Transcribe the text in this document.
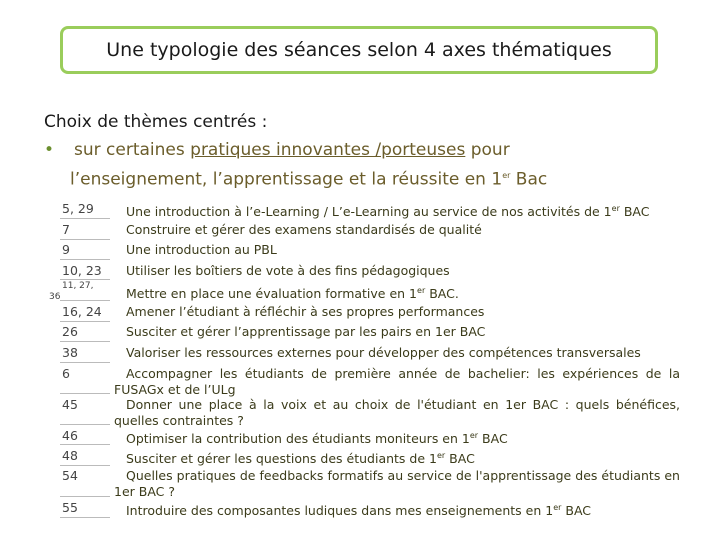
Une typologie des séances selon 4 axes thématiques
Choix de thèmes centrés :
• sur certaines pratiques innovantes /porteuses pour
l’enseignement, l’apprentissage et la réussite en 1er Bac
5, 29	Une introduction à l’e-Learning / L’e-Learning au service de nos activités de 1er BAC
7	Construire et gérer des examens standardisés de qualité
9	Une introduction au PBL
10, 23	Utiliser les boîtiers de vote à des fins pédagogiques
11, 27,
36	Mettre en place une évaluation formative en 1er BAC.
16, 24	Amener l’étudiant à réfléchir à ses propres performances
26	Susciter et gérer l’apprentissage par les pairs en 1er BAC
38	Valoriser les ressources externes pour développer des compétences transversales
6	Accompagner les étudiants de première année de bachelier: les expériences de la FUSAGx et de l’ULg
45	Donner une place à la voix et au choix de l'étudiant en 1er BAC : quels bénéfices, quelles contraintes ?
46	Optimiser la contribution des étudiants moniteurs en 1er BAC
48	Susciter et gérer les questions des étudiants de 1er BAC
54	Quelles pratiques de feedbacks formatifs au service de l'apprentissage des étudiants en 1er BAC ?
55	Introduire des composantes ludiques dans mes enseignements en 1er BAC
